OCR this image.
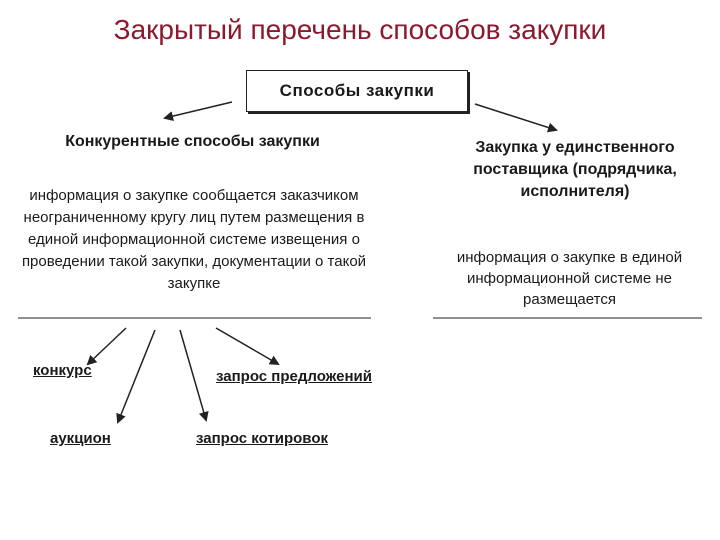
Закрытый перечень способов закупки
Способы закупки
Конкурентные способы закупки
информация о закупке сообщается заказчиком неограниченному кругу лиц путем размещения в единой информационной системе извещения о проведении такой закупки, документации о такой закупке
Закупка у единственного поставщика (подрядчика, исполнителя)
информация о закупке в единой информационной системе не размещается
конкурс
аукцион
запрос предложений
запрос котировок
